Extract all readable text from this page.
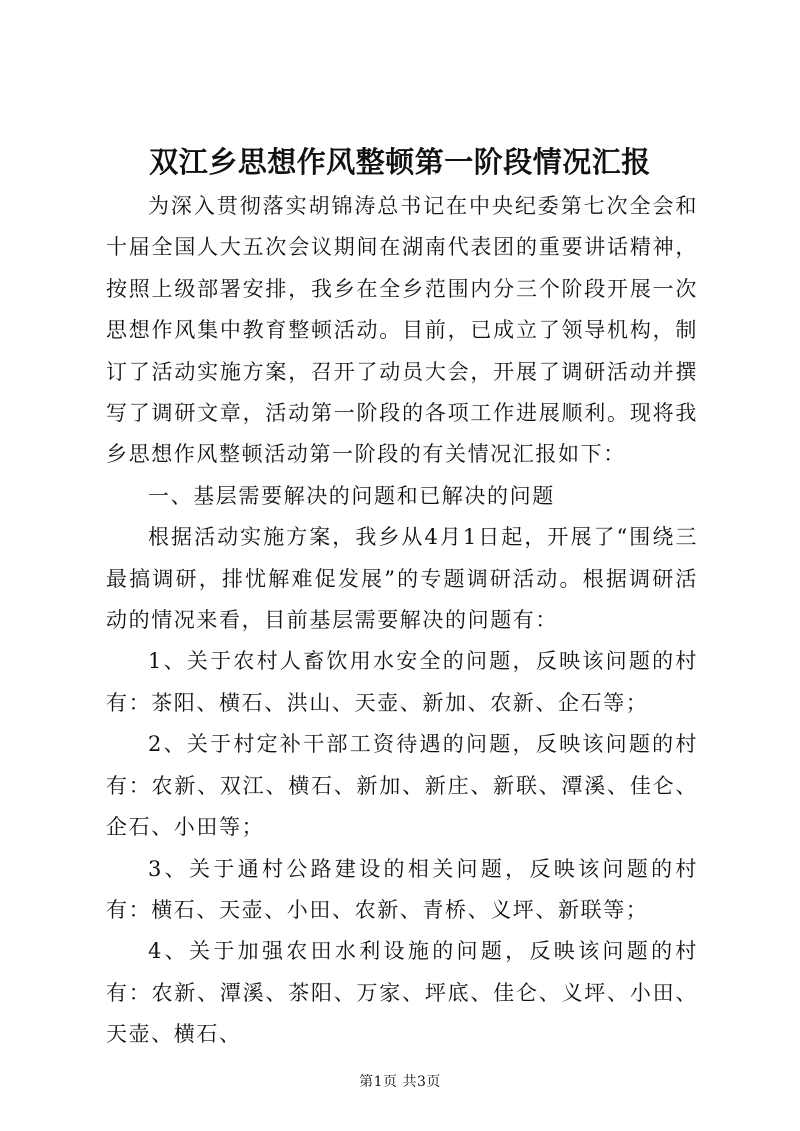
双江乡思想作风整顿第一阶段情况汇报

为深入贯彻落实胡锦涛总书记在中央纪委第七次全会和十届全国人大五次会议期间在湖南代表团的重要讲话精神，按照上级部署安排，我乡在全乡范围内分三个阶段开展一次思想作风集中教育整顿活动。目前，已成立了领导机构，制订了活动实施方案，召开了动员大会，开展了调研活动并撰写了调研文章，活动第一阶段的各项工作进展顺利。现将我乡思想作风整顿活动第一阶段的有关情况汇报如下：

一、基层需要解决的问题和已解决的问题

根据活动实施方案，我乡从4月1日起，开展了“围绕三最搞调研，排忧解难促发展”的专题调研活动。根据调研活动的情况来看，目前基层需要解决的问题有：

1、关于农村人畜饮用水安全的问题，反映该问题的村有：茶阳、横石、洪山、天壶、新加、农新、企石等；

2、关于村定补干部工资待遇的问题，反映该问题的村有：农新、双江、横石、新加、新庄、新联、潭溪、佳仑、企石、小田等；

3、关于通村公路建设的相关问题，反映该问题的村有：横石、天壶、小田、农新、青桥、义坪、新联等；

4、关于加强农田水利设施的问题，反映该问题的村有：农新、潭溪、茶阳、万家、坪底、佳仑、义坪、小田、天壶、横石、

第1页 共3页
